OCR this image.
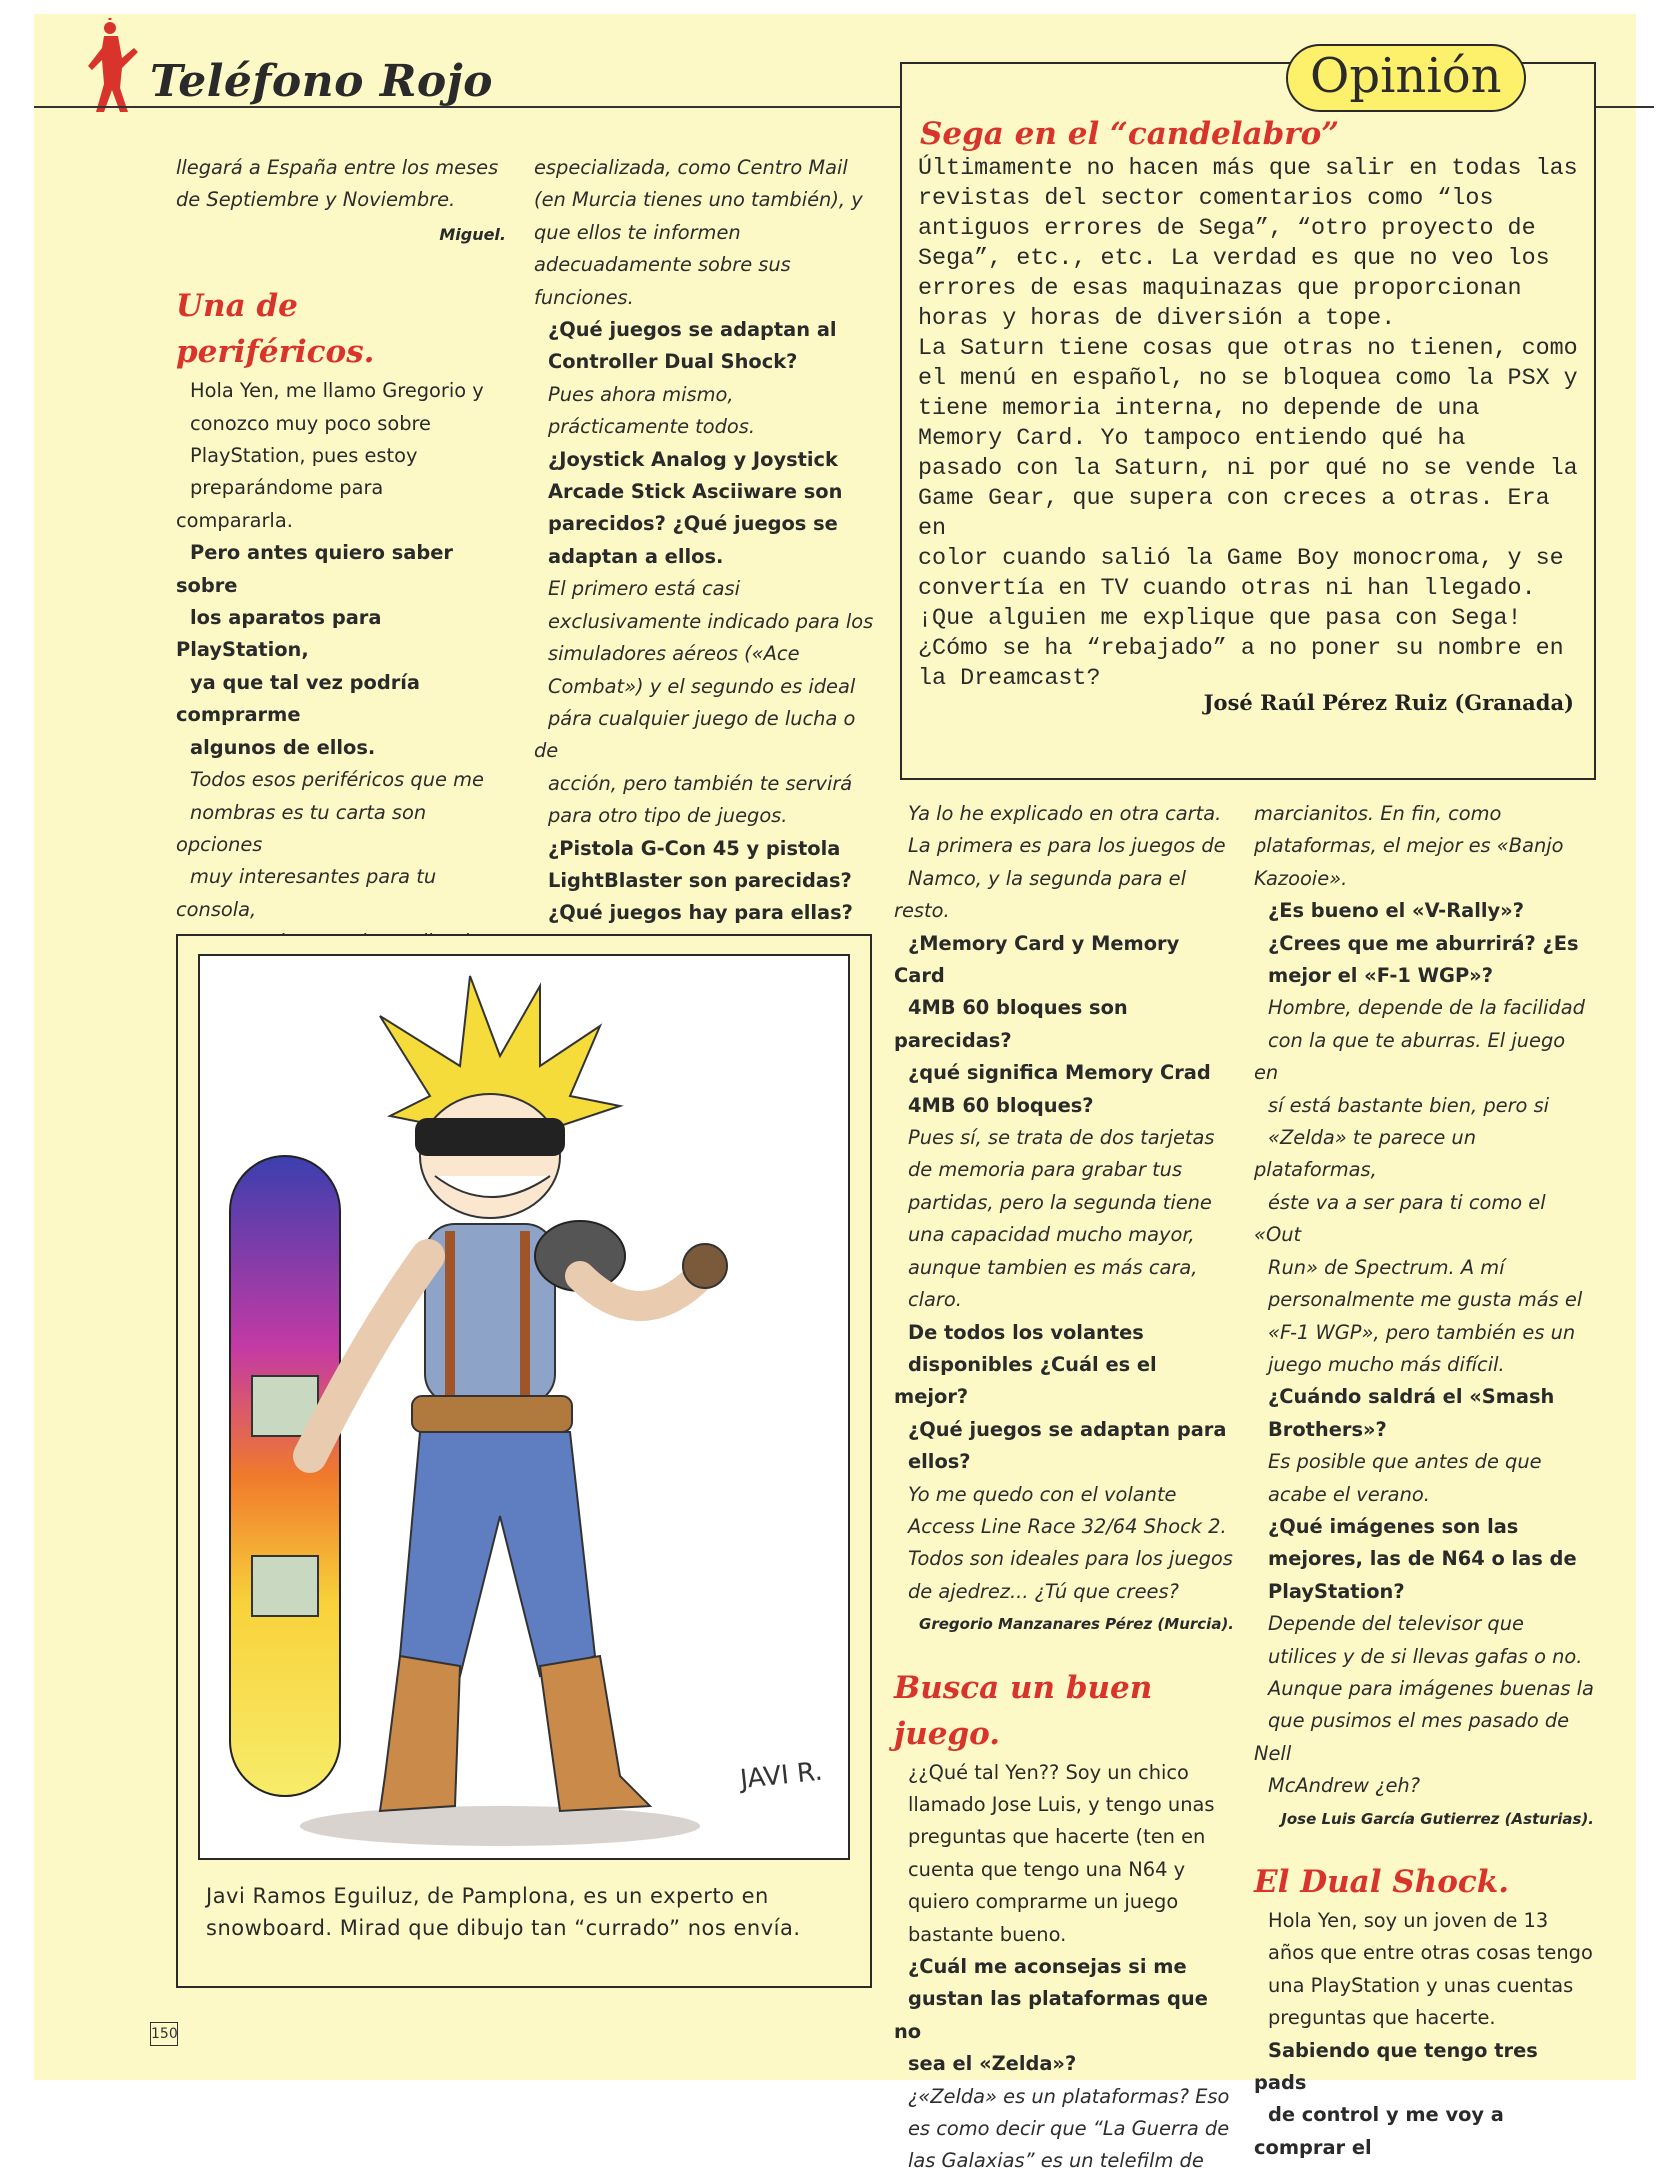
Teléfono Rojo	Opinión
Sega en el “candelabro”

Últimamente no hacen más que salir en todas las

revistas del sector comentarios como “los

antiguos errores de Sega”, “otro proyecto de

Sega”, etc., etc. La verdad es que no veo los

errores de esas maquinazas que proporcionan

horas y horas de diversión a tope.

La Saturn tiene cosas que otras no tienen, como

el menú en español, no se bloquea como la PSX y

tiene memoria interna, no depende de una

Memory Card. Yo tampoco entiendo qué ha

pasado con la Saturn, ni por qué no se vende la

Game Gear, que supera con creces a otras. Era en

color cuando salió la Game Boy monocroma, y se

convertía en TV cuando otras ni han llegado.

¡Que alguien me explique que pasa con Sega!

¿Cómo se ha “rebajado” a no poner su nombre en

la Dreamcast?

José Raúl Pérez Ruiz (Granada)
llegará a España entre los meses
de Septiembre y Noviembre.

Miguel.

Una de periféricos.
Hola Yen, me llamo Gregorio y
conozco muy poco sobre
PlayStation, pues estoy
preparándome para compararla.
Pero antes quiero saber sobre
los aparatos para PlayStation,
ya que tal vez podría comprarme
algunos de ellos.
Todos esos periféricos que me
nombras es tu carta son opciones
muy interesantes para tu consola,
especializada, como Centro Mail
(en Murcia tienes uno también), y
que ellos te informen
adecuadamente sobre sus
funciones.
¿Qué juegos se adaptan al
Controller Dual Shock?
Pues ahora mismo,
prácticamente todos.
¿Joystick Analog y Joystick
Arcade Stick Asciiware son
parecidos? ¿Qué juegos se
adaptan a ellos.
El primero está casi
exclusivamente indicado para los
simuladores aéreos («Ace
Combat») y el segundo es ideal
pára cualquier juego de lucha o de
acción, pero también te servirá
para otro tipo de juegos.
¿Pistola G-Con 45 y pistola
LightBlaster son parecidas?
¿Qué juegos hay para ellas?
Ya lo he explicado en otra carta.
La primera es para los juegos de
Namco, y la segunda para el resto.
¿Memory Card y Memory Card
4MB 60 bloques son parecidas?
¿qué significa Memory Crad
4MB 60 bloques?
Pues sí, se trata de dos tarjetas
de memoria para grabar tus
partidas, pero la segunda tiene
una capacidad mucho mayor,
aunque tambien es más cara,
claro.
De todos los volantes
disponibles ¿Cuál es el mejor?
¿Qué juegos se adaptan para
ellos?
Yo me quedo con el volante
Access Line Race 32/64 Shock 2.
Todos son ideales para los juegos
de ajedrez... ¿Tú que crees?

Gregorio Manzanares Pérez (Murcia).

Busca un buen juego.
¿¿Qué tal Yen?? Soy un chico
llamado Jose Luis, y tengo unas
preguntas que hacerte (ten en
cuenta que tengo una N64 y
quiero comprarme un juego
bastante bueno.
¿Cuál me aconsejas si me
gustan las plataformas que no
sea el «Zelda»?
¿«Zelda» es un plataformas? Eso
es como decir que “La Guerra de
las Galaxias” es un telefilm de
marcianitos. En fin, como
plataformas, el mejor es «Banjo
Kazooie».
¿Es bueno el «V-Rally»?
¿Crees que me aburrirá? ¿Es
mejor el «F-1 WGP»?
Hombre, depende de la facilidad
con la que te aburras. El juego en
sí está bastante bien, pero si
«Zelda» te parece un plataformas,
éste va a ser para ti como el «Out
Run» de Spectrum. A mí
personalmente me gusta más el
«F-1 WGP», pero también es un
juego mucho más difícil.
¿Cuándo saldrá el «Smash
Brothers»?
Es posible que antes de que
acabe el verano.
¿Qué imágenes son las
mejores, las de N64 o las de
PlayStation?
Depende del televisor que
utilices y de si llevas gafas o no.
Aunque para imágenes buenas la
que pusimos el mes pasado de Nell
McAndrew ¿eh?

Jose Luis García Gutierrez (Asturias).

El Dual Shock.
Hola Yen, soy un joven de 13
años que entre otras cosas tengo
una PlayStation y unas cuentas
preguntas que hacerte.
Sabiendo que tengo tres pads
de control y me voy a comprar el
JAVI R.
Javi Ramos Eguiluz, de Pamplona, es un experto en
snowboard. Mirad que dibujo tan “currado” nos envía.
150
